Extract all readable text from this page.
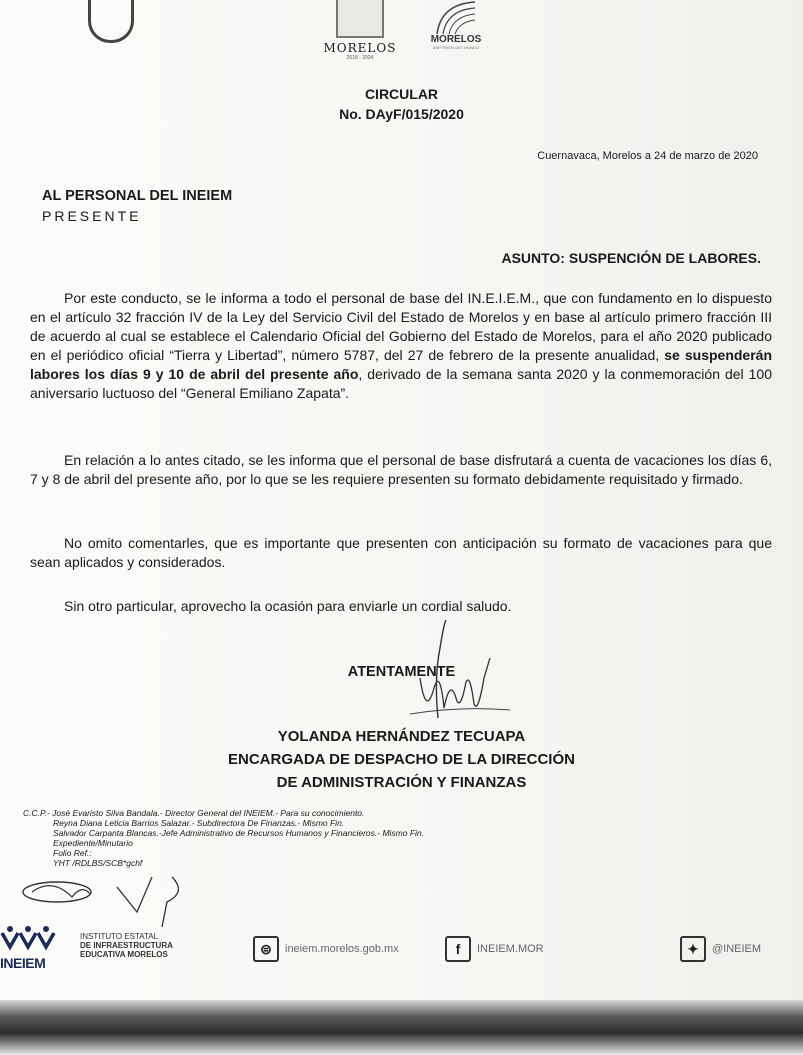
MORELOS
2018 - 2024
MORELOS
ANFITRIÓN DEL MUNDO
CIRCULAR
No. DAyF/015/2020
Cuernavaca, Morelos a 24 de marzo de 2020
AL PERSONAL DEL INEIEM
PRESENTE
ASUNTO: SUSPENCIÓN DE LABORES.
Por este conducto, se le informa a todo el personal de base del IN.E.I.E.M., que con fundamento en lo dispuesto en el artículo 32 fracción IV de la Ley del Servicio Civil del Estado de Morelos y en base al artículo primero fracción III de acuerdo al cual se establece el Calendario Oficial del Gobierno del Estado de Morelos, para el año 2020 publicado en el periódico oficial “Tierra y Libertad”, número 5787, del 27 de febrero de la presente anualidad, se suspenderán labores los días 9 y 10 de abril del presente año, derivado de la semana santa 2020 y la conmemoración del 100 aniversario luctuoso del “General Emiliano Zapata”.
En relación a lo antes citado, se les informa que el personal de base disfrutará a cuenta de vacaciones los días 6, 7 y 8 de abril del presente año, por lo que se les requiere presenten su formato debidamente requisitado y firmado.
No omito comentarles, que es importante que presenten con anticipación su formato de vacaciones para que sean aplicados y considerados.
Sin otro particular, aprovecho la ocasión para enviarle un cordial saludo.
ATENTAMENTE
YOLANDA HERNÁNDEZ TECUAPA
ENCARGADA DE DESPACHO DE LA DIRECCIÓN
DE ADMINISTRACIÓN Y FINANZAS
C.C.P.- José Evaristo Silva Bandala.- Director General del INEIEM.- Para su conocimiento.
Reyna Diana Leticia Barrios Salazar.- Subdirectora De Finanzas.- Mismo Fin.
Salvador Carpanta Blancas.-Jefe Administrativo de Recursos Humanos y Financieros.- Mismo Fin.
Expediente/Minutario
Folio Ref.:
YHT /RDLBS/SCB*gchf
INEIEM
INSTITUTO ESTATAL
DE INFRAESTRUCTURA
EDUCATIVA MORELOS	⊜	ineiem.morelos.gob.mx	f	INEIEM.MOR	✦	@INEIEM
